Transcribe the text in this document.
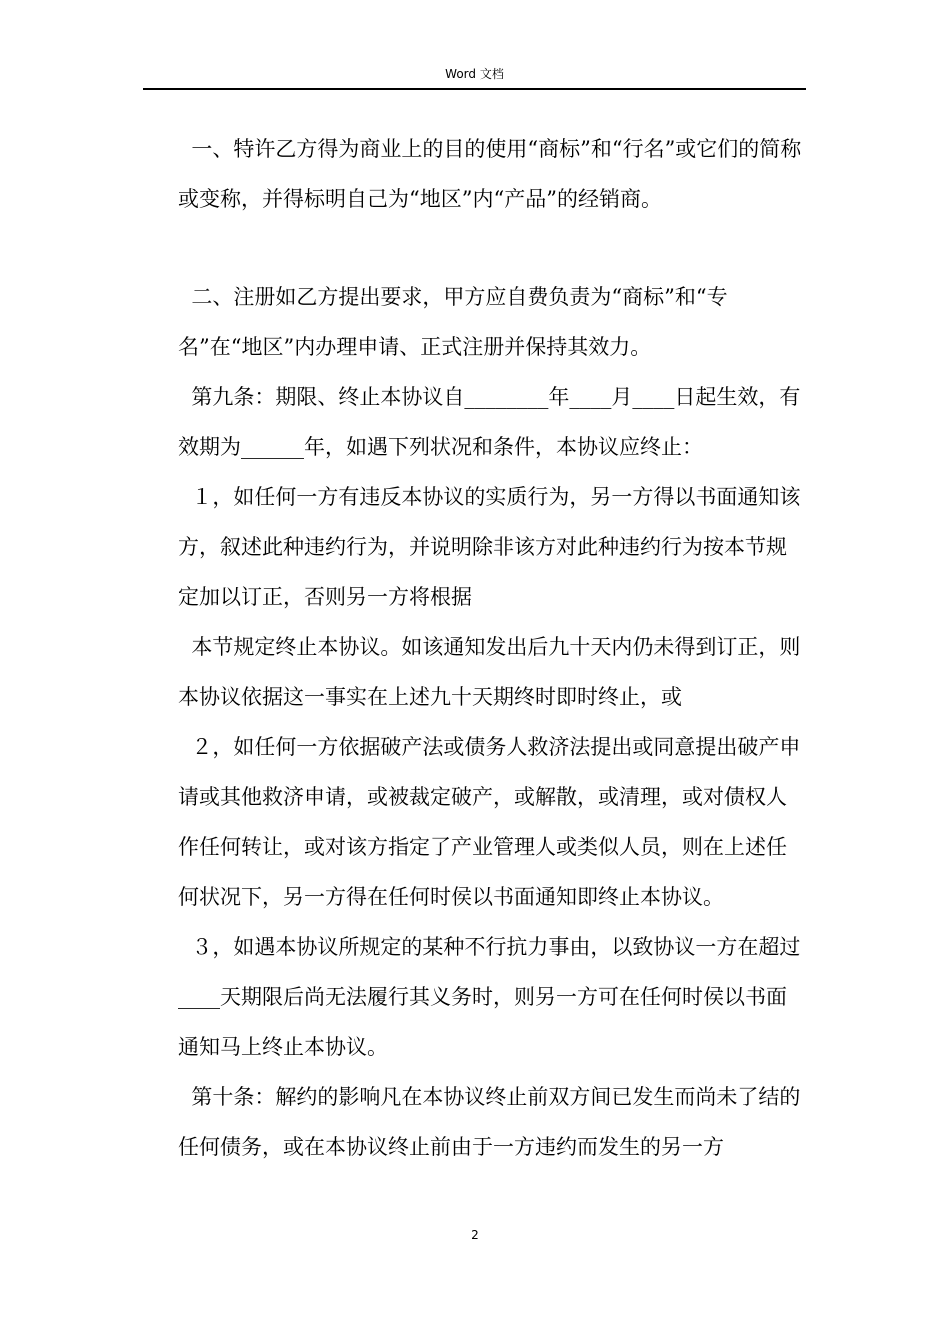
Word 文档

一、特许乙方得为商业上的目的使用“商标”和“行名”或它们的简称或变称，并得标明自己为“地区”内“产品”的经销商。

二、注册如乙方提出要求，甲方应自费负责为“商标”和“专名”在“地区”内办理申请、正式注册并保持其效力。

第九条：期限、终止本协议自________年____月____日起生效，有效期为______年，如遇下列状况和条件，本协议应终止：

１，如任何一方有违反本协议的实质行为，另一方得以书面通知该方，叙述此种违约行为，并说明除非该方对此种违约行为按本节规定加以订正，否则另一方将根据

本节规定终止本协议。如该通知发出后九十天内仍未得到订正，则本协议依据这一事实在上述九十天期终时即时终止，或

２，如任何一方依据破产法或债务人救济法提出或同意提出破产申请或其他救济申请，或被裁定破产，或解散，或清理，或对债权人作任何转让，或对该方指定了产业管理人或类似人员，则在上述任何状况下，另一方得在任何时侯以书面通知即终止本协议。

３，如遇本协议所规定的某种不行抗力事由，以致协议一方在超过____天期限后尚无法履行其义务时，则另一方可在任何时侯以书面通知马上终止本协议。

第十条：解约的影响凡在本协议终止前双方间已发生而尚未了结的任何债务，或在本协议终止前由于一方违约而发生的另一方

2
